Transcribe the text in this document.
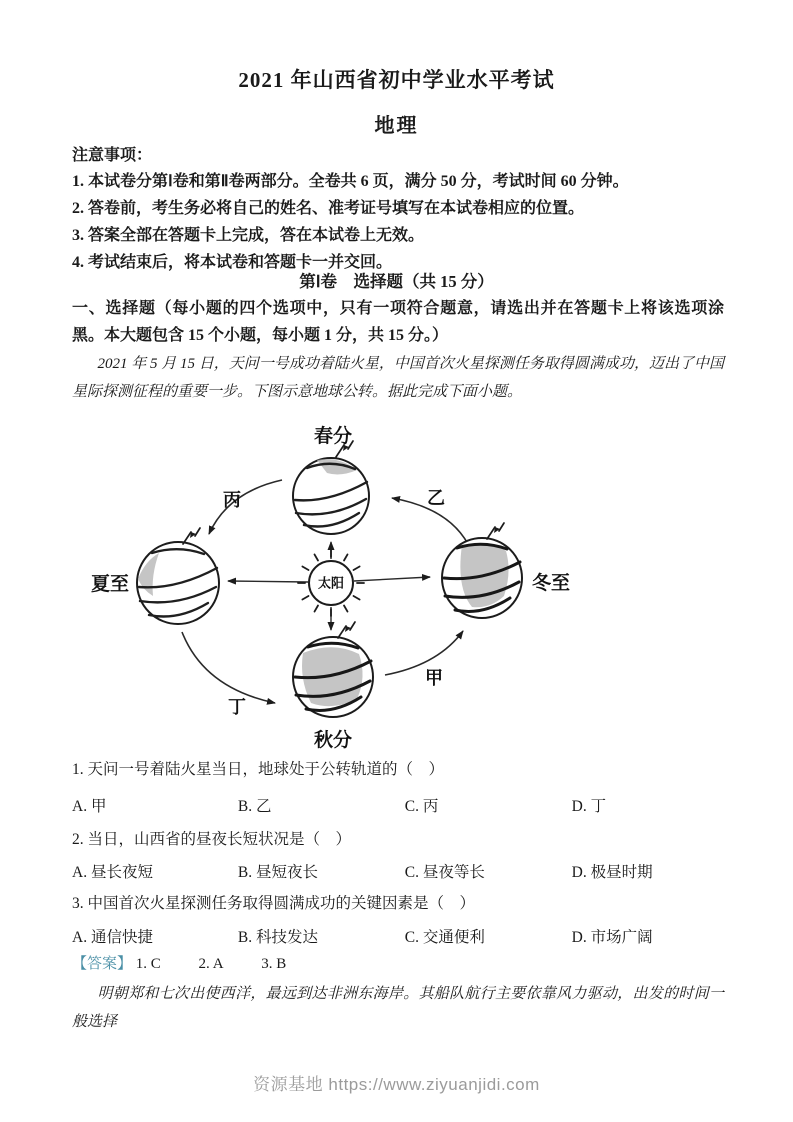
2021 年山西省初中学业水平考试
地理
注意事项：
1. 本试卷分第Ⅰ卷和第Ⅱ卷两部分。全卷共 6 页，满分 50 分，考试时间 60 分钟。
2. 答卷前，考生务必将自己的姓名、准考证号填写在本试卷相应的位置。
3. 答案全部在答题卡上完成，答在本试卷上无效。
4. 考试结束后，将本试卷和答题卡一并交回。
第Ⅰ卷　选择题（共 15 分）
一、选择题（每小题的四个选项中，只有一项符合题意，请选出并在答题卡上将该选项涂黑。本大题包含 15 个小题，每小题 1 分，共 15 分。）
2021 年 5 月 15 日，天问一号成功着陆火星，中国首次火星探测任务取得圆满成功，迈出了中国星际探测征程的重要一步。下图示意地球公转。据此完成下面小题。
太阳
春分
夏至	冬至
秋分
丙	乙
丁
甲
1. 天问一号着陆火星当日，地球处于公转轨道的（　）
A. 甲	B. 乙	C. 丙	D. 丁
2. 当日，山西省的昼夜长短状况是（　）
A. 昼长夜短	B. 昼短夜长	C. 昼夜等长	D. 极昼时期
3. 中国首次火星探测任务取得圆满成功的关键因素是（　）
A. 通信快捷	B. 科技发达	C. 交通便利	D. 市场广阔
【答案】 1. C	2. A	3. B
明朝郑和七次出使西洋，最远到达非洲东海岸。其船队航行主要依靠风力驱动，出发的时间一般选择
资源基地 https://www.ziyuanjidi.com
